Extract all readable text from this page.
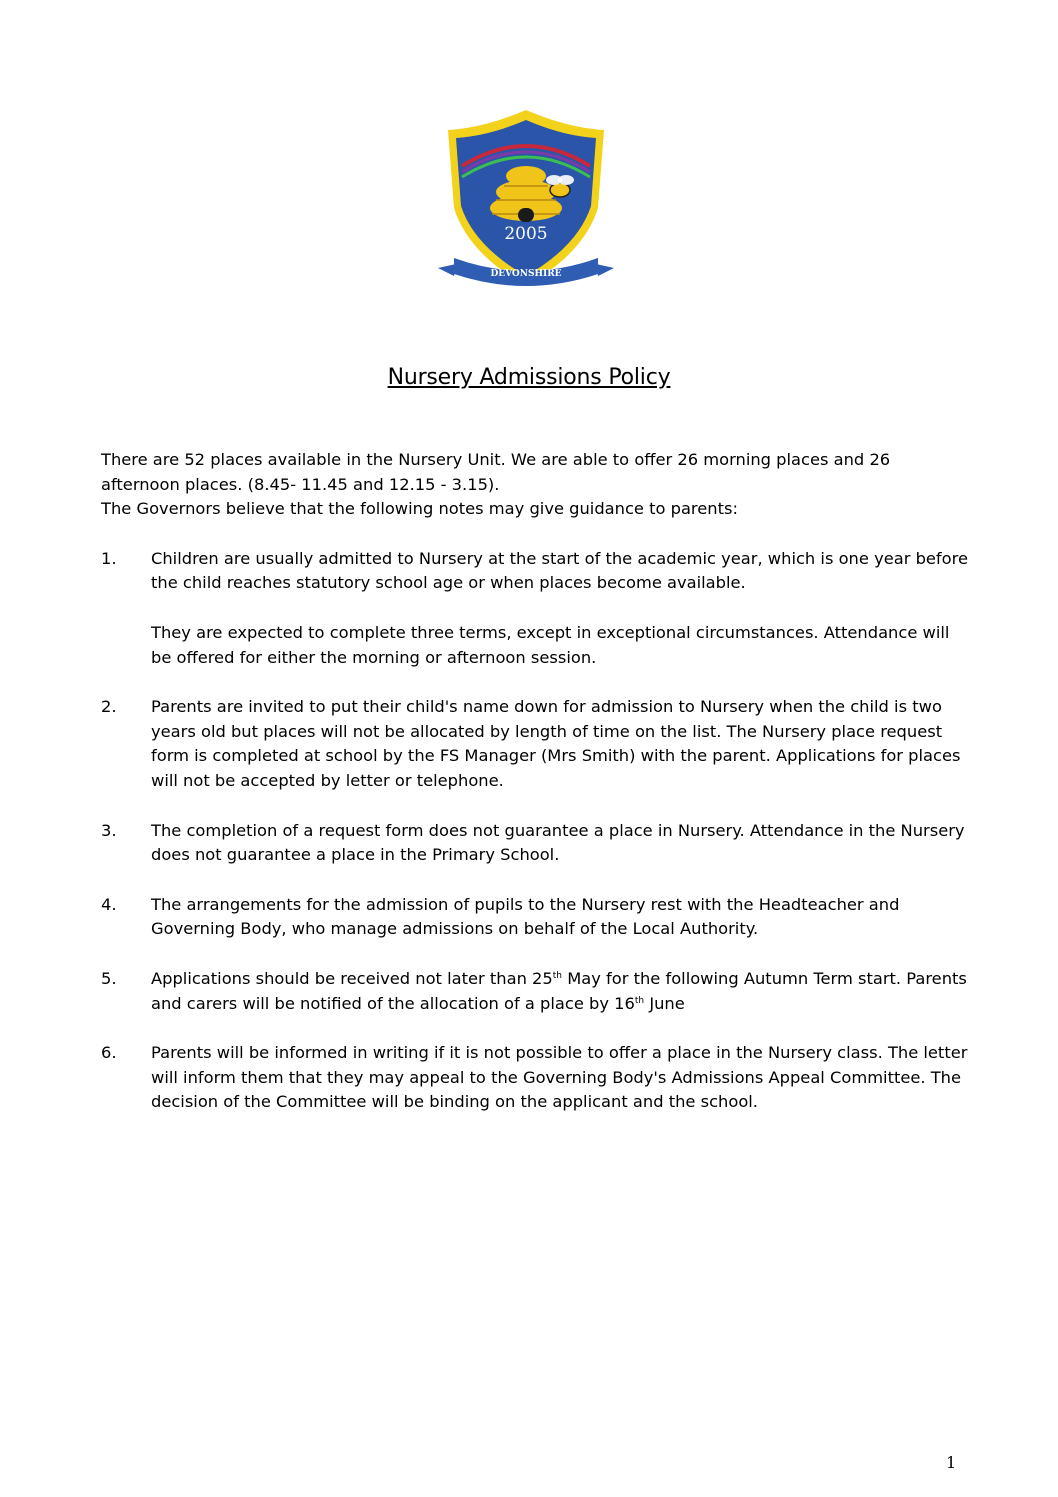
2005
DEVONSHIRE
Nursery Admissions Policy

There are 52 places available in the Nursery Unit. We are able to offer 26 morning places and 26 afternoon places. (8.45- 11.45 and 12.15 - 3.15).

The Governors believe that the following notes may give guidance to parents:

1. Children are usually admitted to Nursery at the start of the academic year, which is one year before the child reaches statutory school age or when places become available.

They are expected to complete three terms, except in exceptional circumstances. Attendance will be offered for either the morning or afternoon session.

2. Parents are invited to put their child's name down for admission to Nursery when the child is two years old but places will not be allocated by length of time on the list. The Nursery place request form is completed at school by the FS Manager (Mrs Smith) with the parent. Applications for places will not be accepted by letter or telephone.

3. The completion of a request form does not guarantee a place in Nursery. Attendance in the Nursery does not guarantee a place in the Primary School.

4. The arrangements for the admission of pupils to the Nursery rest with the Headteacher and Governing Body, who manage admissions on behalf of the Local Authority.

5. Applications should be received not later than 25th May for the following Autumn Term start. Parents and carers will be notified of the allocation of a place by 16th June

6. Parents will be informed in writing if it is not possible to offer a place in the Nursery class. The letter will inform them that they may appeal to the Governing Body's Admissions Appeal Committee. The decision of the Committee will be binding on the applicant and the school.

1
